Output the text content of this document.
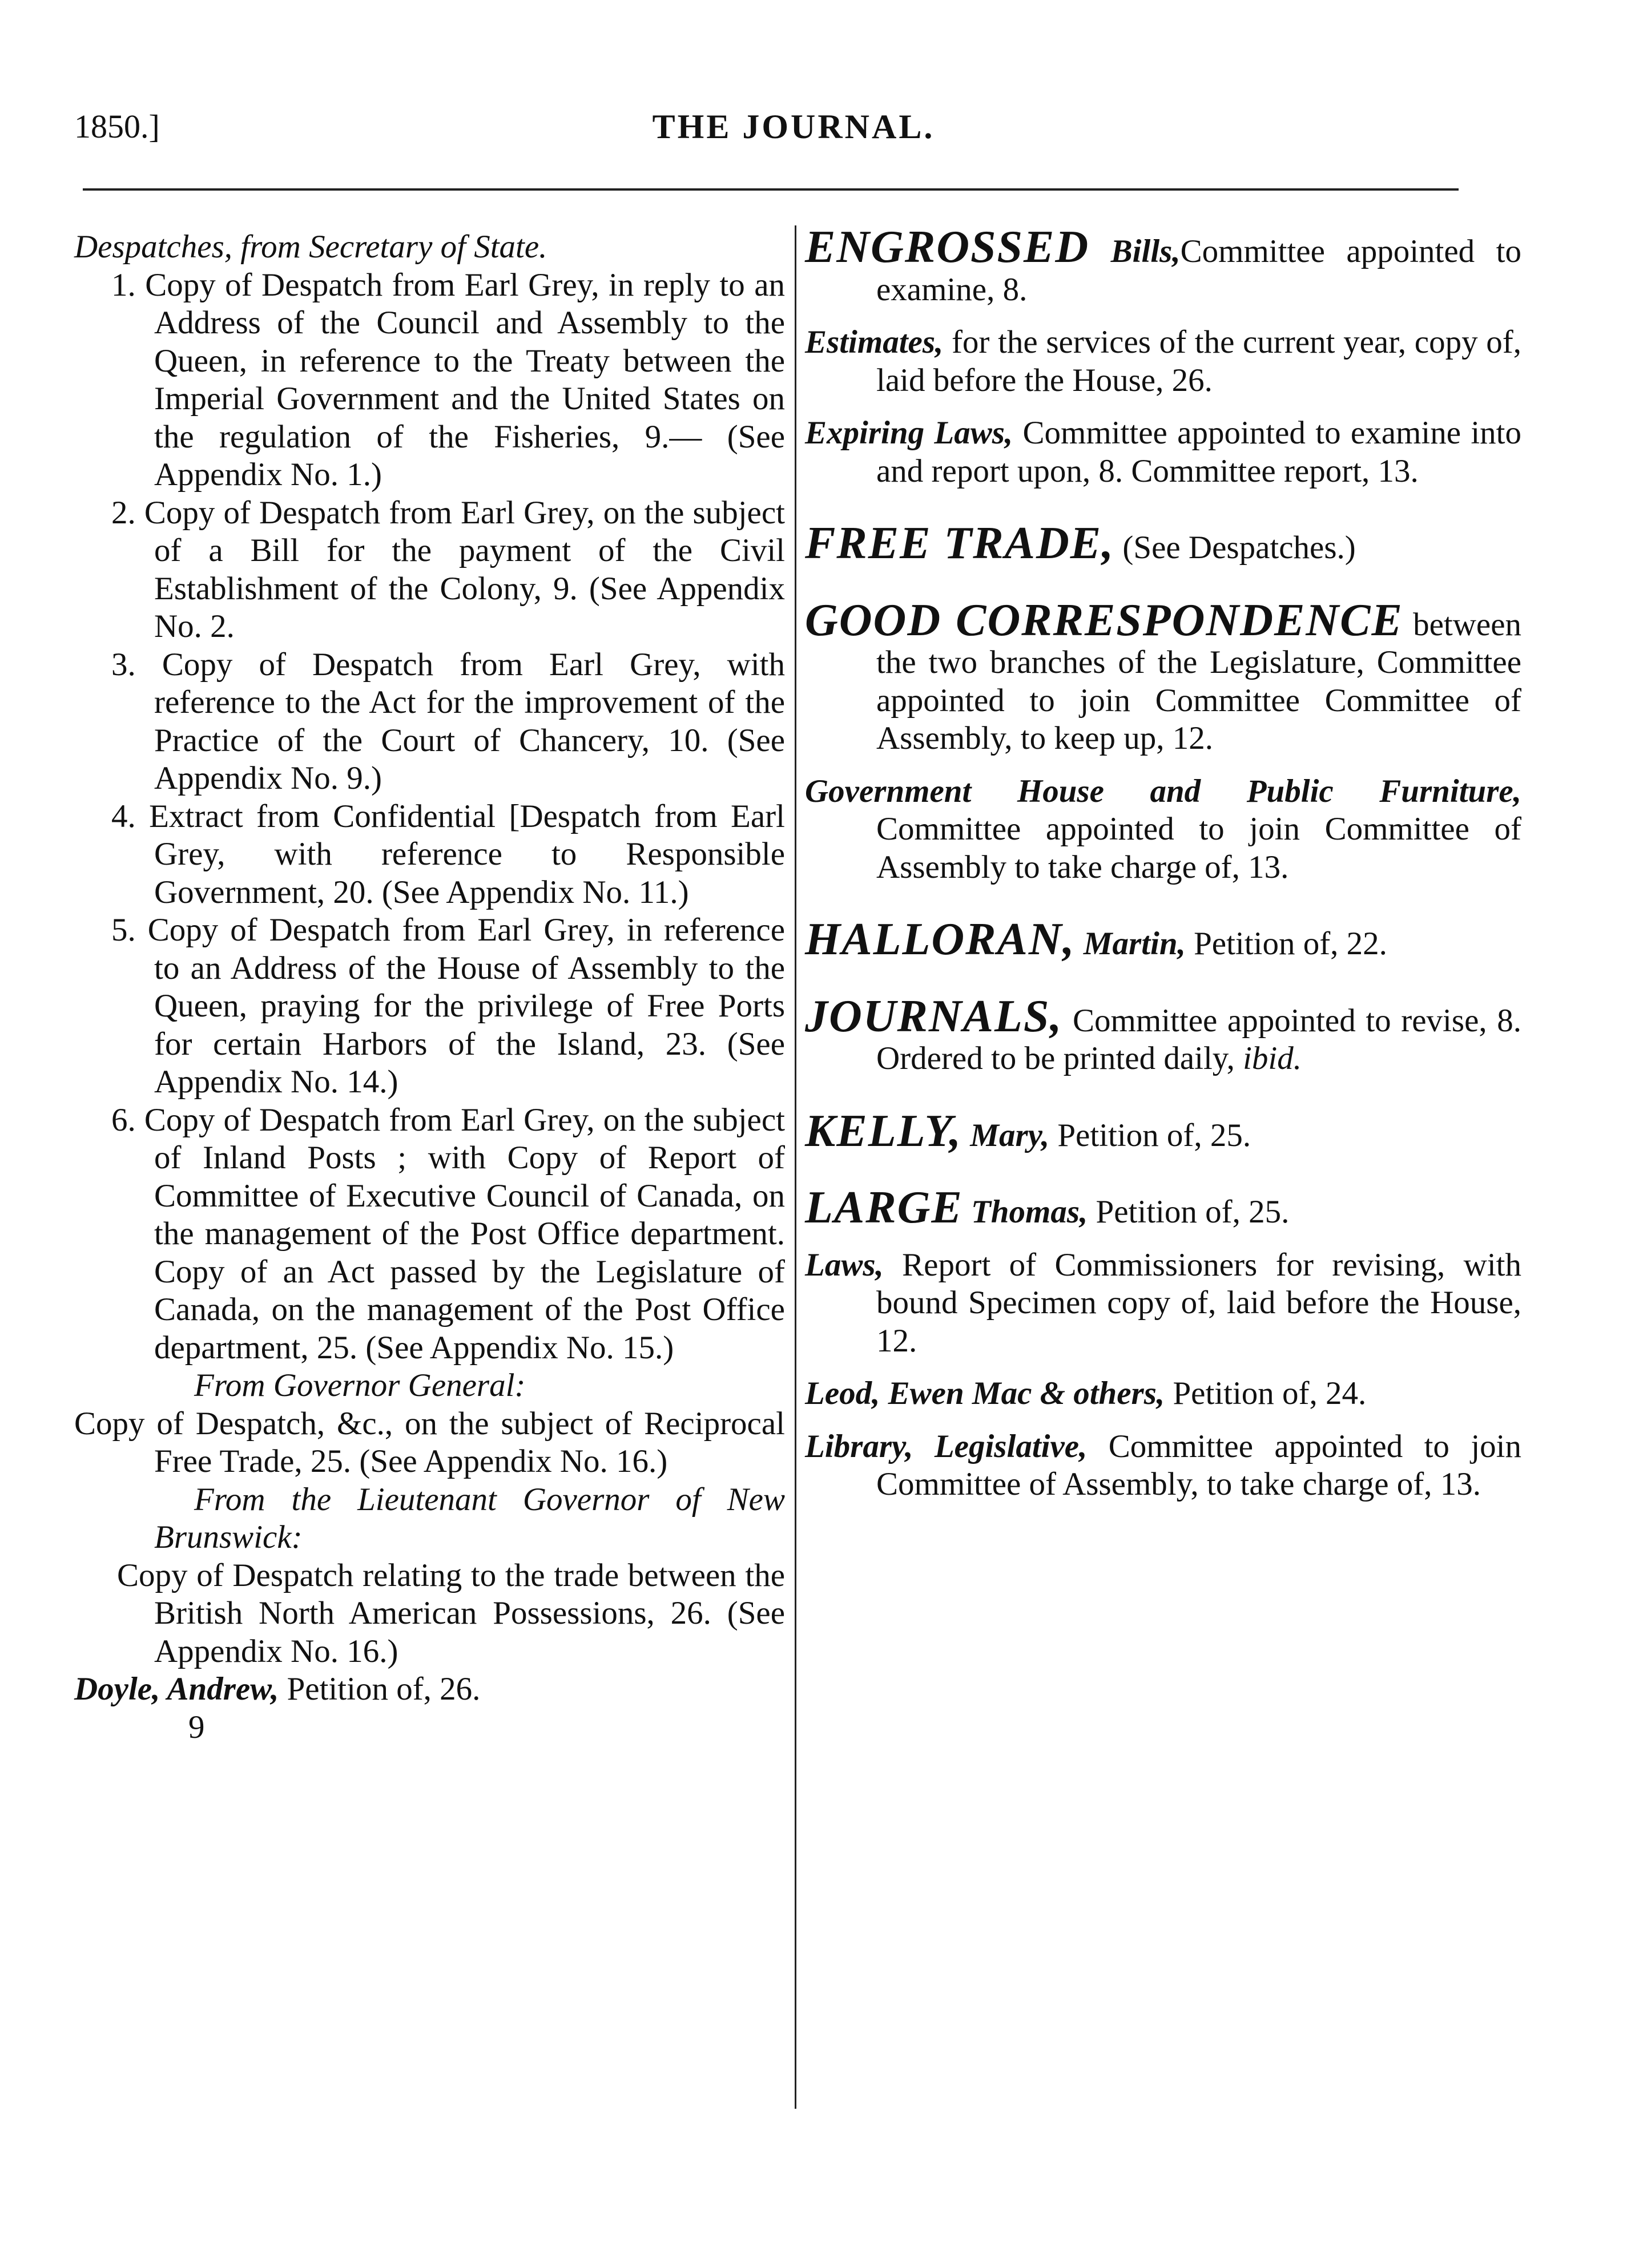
1850.]	THE JOURNAL.
Despatches, from Secretary of State.
1. Copy of Despatch from Earl Grey, in reply to an Address of the Council and Assembly to the Queen, in reference to the Treaty between the Imperial Government and the United States on the regulation of the Fisheries, 9.— (See Appendix No. 1.)
2. Copy of Despatch from Earl Grey, on the subject of a Bill for the payment of the Civil Establishment of the Colony, 9. (See Appendix No. 2.
3. Copy of Despatch from Earl Grey, with reference to the Act for the improvement of the Practice of the Court of Chancery, 10. (See Appendix No. 9.)
4. Extract from Confidential [Despatch from Earl Grey, with reference to Responsible Government, 20. (See Appendix No. 11.)
5. Copy of Despatch from Earl Grey, in reference to an Address of the House of Assembly to the Queen, praying for the privilege of Free Ports for certain Harbors of the Island, 23. (See Appendix No. 14.)
6. Copy of Despatch from Earl Grey, on the subject of Inland Posts ; with Copy of Report of Committee of Executive Council of Canada, on the management of the Post Office department. Copy of an Act passed by the Legislature of Canada, on the management of the Post Office department, 25. (See Appendix No. 15.)
From Governor General:
Copy of Despatch, &c., on the subject of Reciprocal Free Trade, 25. (See Appendix No. 16.)
From the Lieutenant Governor of New Brunswick:
Copy of Despatch relating to the trade between the British North American Possessions, 26. (See Appendix No. 16.)
Doyle, Andrew, Petition of, 26.
9
ENGROSSED Bills,Committee appointed to examine, 8.
Estimates, for the services of the current year, copy of, laid before the House, 26.
Expiring Laws, Committee appointed to examine into and report upon, 8. Committee report, 13.
FREE TRADE, (See Despatches.)
GOOD CORRESPONDENCE between the two branches of the Legislature, Committee appointed to join Committee Committee of Assembly, to keep up, 12.
Government House and Public Furniture, Committee appointed to join Committee of Assembly to take charge of, 13.
HALLORAN, Martin, Petition of, 22.
JOURNALS, Committee appointed to revise, 8. Ordered to be printed daily, ibid.
KELLY, Mary, Petition of, 25.
LARGE Thomas, Petition of, 25.
Laws, Report of Commissioners for revising, with bound Specimen copy of, laid before the House, 12.
Leod, Ewen Mac & others, Petition of, 24.
Library, Legislative, Committee appointed to join Committee of Assembly, to take charge of, 13.
